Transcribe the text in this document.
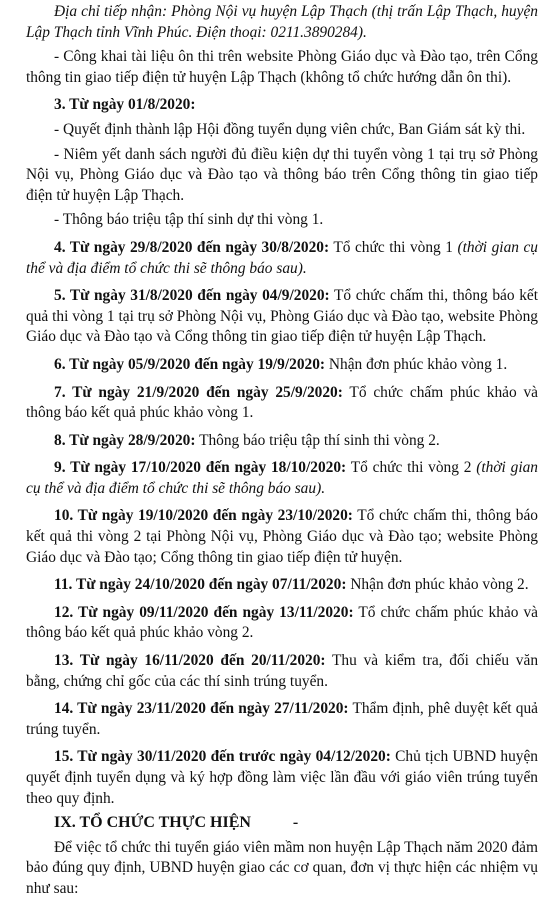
Địa chỉ tiếp nhận: Phòng Nội vụ huyện Lập Thạch (thị trấn Lập Thạch, huyện Lập Thạch tỉnh Vĩnh Phúc. Điện thoại: 0211.3890284).

- Công khai tài liệu ôn thi trên website Phòng Giáo dục và Đào tạo, trên Cổng thông tin giao tiếp điện tử huyện Lập Thạch (không tổ chức hướng dẫn ôn thi).

3. Từ ngày 01/8/2020:

- Quyết định thành lập Hội đồng tuyển dụng viên chức, Ban Giám sát kỳ thi.

- Niêm yết danh sách người đủ điều kiện dự thi tuyển vòng 1 tại trụ sở Phòng Nội vụ, Phòng Giáo dục và Đào tạo và thông báo trên Cổng thông tin giao tiếp điện tử huyện Lập Thạch.

- Thông báo triệu tập thí sinh dự thi vòng 1.

4. Từ ngày 29/8/2020 đến ngày 30/8/2020: Tổ chức thi vòng 1 (thời gian cụ thể và địa điểm tổ chức thi sẽ thông báo sau).

5. Từ ngày 31/8/2020 đến ngày 04/9/2020: Tổ chức chấm thi, thông báo kết quả thi vòng 1 tại trụ sở Phòng Nội vụ, Phòng Giáo dục và Đào tạo, website Phòng Giáo dục và Đào tạo và Cổng thông tin giao tiếp điện tử huyện Lập Thạch.

6. Từ ngày 05/9/2020 đến ngày 19/9/2020: Nhận đơn phúc khảo vòng 1.

7. Từ ngày 21/9/2020 đến ngày 25/9/2020: Tổ chức chấm phúc khảo và thông báo kết quả phúc khảo vòng 1.

8. Từ ngày 28/9/2020: Thông báo triệu tập thí sinh thi vòng 2.

9. Từ ngày 17/10/2020 đến ngày 18/10/2020: Tổ chức thi vòng 2 (thời gian cụ thể và địa điểm tổ chức thi sẽ thông báo sau).

10. Từ ngày 19/10/2020 đến ngày 23/10/2020: Tổ chức chấm thi, thông báo kết quả thi vòng 2 tại Phòng Nội vụ, Phòng Giáo dục và Đào tạo; website Phòng Giáo dục và Đào tạo; Cổng thông tin giao tiếp điện tử huyện.

11. Từ ngày 24/10/2020 đến ngày 07/11/2020: Nhận đơn phúc khảo vòng 2.

12. Từ ngày 09/11/2020 đến ngày 13/11/2020: Tổ chức chấm phúc khảo và thông báo kết quả phúc khảo vòng 2.

13. Từ ngày 16/11/2020 đến 20/11/2020: Thu và kiểm tra, đối chiếu văn bằng, chứng chỉ gốc của các thí sinh trúng tuyển.

14. Từ ngày 23/11/2020 đến ngày 27/11/2020: Thẩm định, phê duyệt kết quả trúng tuyển.

15. Từ ngày 30/11/2020 đến trước ngày 04/12/2020: Chủ tịch UBND huyện quyết định tuyển dụng và ký hợp đồng làm việc lần đầu với giáo viên trúng tuyển theo quy định.

IX. TỔ CHỨC THỰC HIỆN	-

Để việc tổ chức thi tuyển giáo viên mầm non huyện Lập Thạch năm 2020 đảm bảo đúng quy định, UBND huyện giao các cơ quan, đơn vị thực hiện các nhiệm vụ như sau:
